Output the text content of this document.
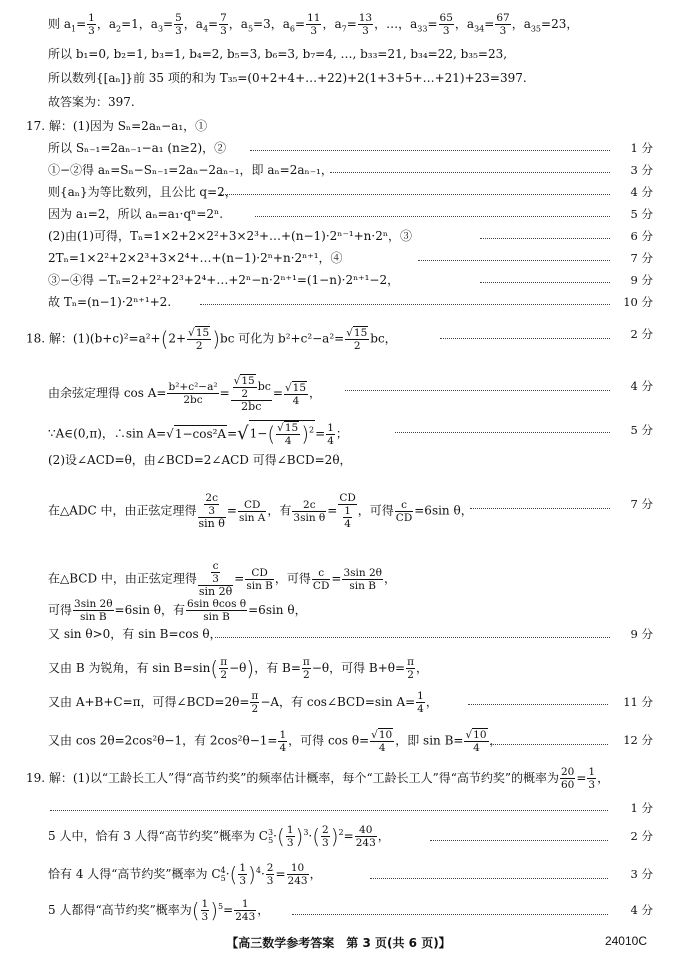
则 $a_1= \frac{1}{3}$ ，$a_2=1$，$a_3= \frac{5}{3}$ ，$a_4= \frac{7}{3}$ ，$a_5=3$，$a_6= \frac{11}{3}$ ，$a_7= \frac{13}{3}$ ，…，$a_{33}= \frac{65}{3}$ ，$a_{34}= \frac{67}{3}$ ，$a_{35}=23$，
所以 b₁=0, b₂=1, b₃=1, b₄=2, b₅=3, b₆=3, b₇=4, …, b₃₃=21, b₃₄=22, b₃₅=23,
所以数列{[aₙ]}前 35 项的和为 T₃₅=(0+2+4+…+22)+2(1+3+5+…+21)+23=397.
故答案为：397.
17. 解：(1)因为 Sₙ=2aₙ−a₁，①
所以 Sₙ₋₁=2aₙ₋₁−a₁ (n≥2)，②	1 分
①−②得 aₙ=Sₙ−Sₙ₋₁=2aₙ−2aₙ₋₁，即 aₙ=2aₙ₋₁，	3 分
则{aₙ}为等比数列，且公比 q=2，	4 分
因为 a₁=2，所以 aₙ=a₁·qⁿ=2ⁿ.	5 分
(2)由(1)可得，Tₙ=1×2+2×2²+3×2³+…+(n−1)·2ⁿ⁻¹+n·2ⁿ，③	6 分
2Tₙ=1×2²+2×2³+3×2⁴+…+(n−1)·2ⁿ+n·2ⁿ⁺¹，④	7 分
③−④得 −Tₙ=2+2²+2³+2⁴+…+2ⁿ−n·2ⁿ⁺¹=(1−n)·2ⁿ⁺¹−2，	9 分
故 Tₙ=(n−1)·2ⁿ⁺¹+2.	10 分
18. 解：$(1)(b+c)^2=a^2+(2+ \frac{√15}{2} )bc$ 可化为 $b^2+c^2-a^2= \frac{√15}{2}$ bc，	2 分
由余弦定理得 $\cos A= \frac{\text{b²+c²−a²}}{2bc} = \frac{\frac{√15}{2} bc}{2bc} = \frac{√15}{4}$ ，	4 分
∵A∈(0,π)，∴sin $A=√1-\cos^2A=√1-( \frac{√15}{4} )^2= \frac{1}{4}$ ；	5 分
(2)设∠ACD=θ，由∠BCD=2∠ACD 可得∠BCD=2θ，
在△ADC 中，由正弦定理得 $\frac{\frac{2c}{3}}{\text{sin θ}} = \frac{CD}{\text{sin A}}$ ，有 $\frac{2c}{\text{3sin θ}} = \frac{CD}{\frac{1}{4}}$ ，可得 $\frac{c}{CD} =6\sin$ θ，	7 分
在△BCD 中，由正弦定理得 $\frac{\frac{c}{3}}{\sin 2\theta} = \frac{CD}{\text{sin B}}$ ，可得 $\frac{c}{CD} = \frac{3\sin 2\theta}{\text{sin B}}$ ，
可得 $\frac{3\sin 2\theta}{\text{sin B}} =6\sin$ θ，有 $\frac{\text{6sin θcos θ}}{\text{sin B}} =6\sin$ θ，
又 sin θ>0，有 sin B=cos θ，	9 分
又由 B 为锐角，有 $\sin B=\sin( \frac{\pi}{2} -\theta)$，有 $B= \frac{\pi}{2} -\theta$，可得 $B+\theta= \frac{\pi}{2}$ ，
又由 A+B+C=π，可得∠BCD=2θ= $\frac{\pi}{2} -A$，有 cos∠BCD=sin $A= \frac{1}{4}$ ，	11 分
又由 cos 2θ=2cos²θ−1，有 $2\cos^2\theta-1= \frac{1}{4}$ ，可得 $\cos \theta= \frac{√10}{4}$ ，即 $\sin B= \frac{√10}{4}$ ，	12 分
19. 解：(1)以“工龄长工人”得“高节约奖”的频率估计概率，每个“工龄长工人”得“高节约奖”的概率为 $\frac{20}{60} = \frac{1}{3}$ ，
1 分
5 人中，恰有 3 人得“高节约奖”概率为 $C^3_5\cdot( \frac{1}{3} )^3\cdot( \frac{2}{3} )^2= \frac{40}{243}$ ，	2 分
恰有 4 人得“高节约奖”概率为 $C^4_5\cdot( \frac{1}{3} )^4\cdot \frac{2}{3} = \frac{10}{243}$ ，	3 分
5 人都得“高节约奖”概率为( $\frac{1}{3} )^5= \frac{1}{243}$ ，	4 分
【高三数学参考答案　第 3 页(共 6 页)】	24010C
